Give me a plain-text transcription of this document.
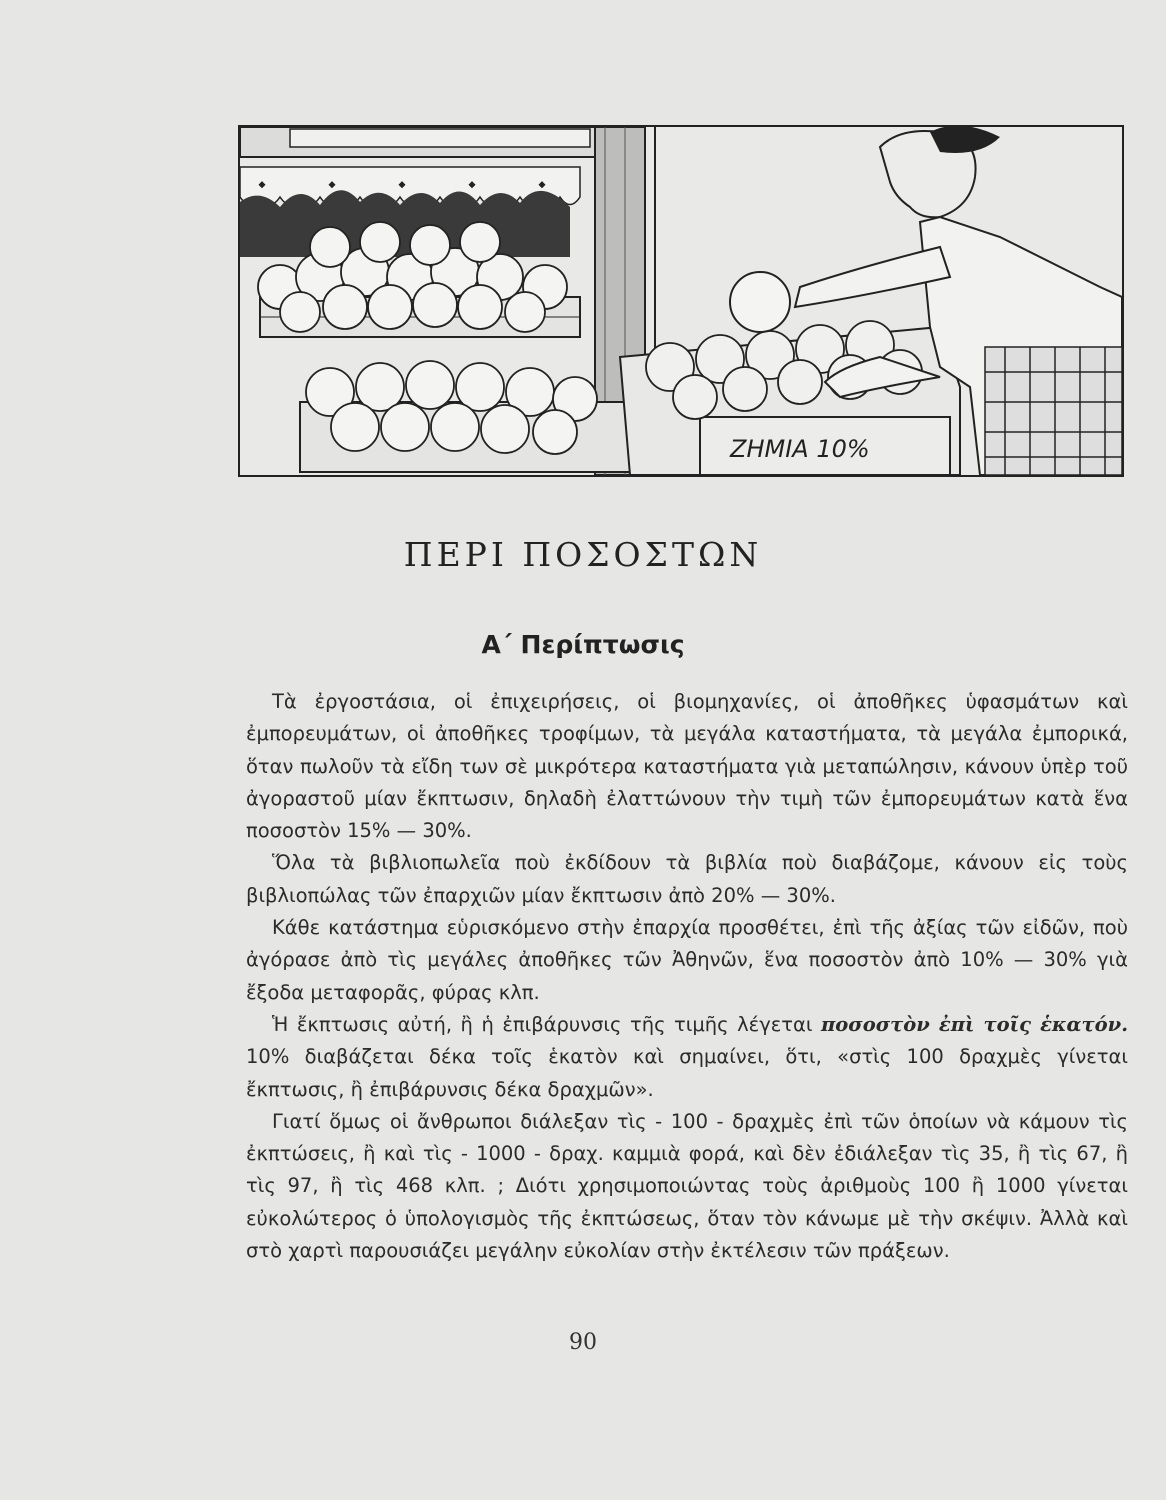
ΖΗΜΙΑ 10%
ΠΕΡΙ ΠΟΣΟΣΤΩΝ
Α΄ Περίπτωσις

Τὰ ἐργοστάσια, οἱ ἐπιχειρήσεις, οἱ βιομηχανίες, οἱ ἀποθῆκες ὑφασμάτων καὶ ἐμπορευμάτων, οἱ ἀποθῆκες τροφίμων, τὰ μεγάλα καταστήματα, τὰ μεγάλα ἐμπορικά, ὅταν πωλοῦν τὰ εἴδη των σὲ μικρότερα καταστήματα γιὰ μεταπώλησιν, κάνουν ὑπὲρ τοῦ ἀγοραστοῦ μίαν ἔκπτωσιν, δηλαδὴ ἐλαττώνουν τὴν τιμὴ τῶν ἐμπορευμάτων κατὰ ἕνα ποσοστὸν 15% — 30%.

Ὅλα τὰ βιβλιοπωλεῖα ποὺ ἐκδίδουν τὰ βιβλία ποὺ διαβάζομε, κάνουν εἰς τοὺς βιβλιοπώλας τῶν ἐπαρχιῶν μίαν ἔκπτωσιν ἀπὸ 20% — 30%.

Κάθε κατάστημα εὑρισκόμενο στὴν ἐπαρχία προσθέτει, ἐπὶ τῆς ἀξίας τῶν εἰδῶν, ποὺ ἀγόρασε ἀπὸ τὶς μεγάλες ἀποθῆκες τῶν Ἀθηνῶν, ἕνα ποσοστὸν ἀπὸ 10% — 30% γιὰ ἔξοδα μεταφορᾶς, φύρας κλπ.

Ἡ ἔκπτωσις αὐτή, ἢ ἡ ἐπιβάρυνσις τῆς τιμῆς λέγεται ποσοστὸν ἐπὶ τοῖς ἑκατόν. 10% διαβάζεται δέκα τοῖς ἑκατὸν καὶ σημαίνει, ὅτι, «στὶς 100 δραχμὲς γίνεται ἔκπτωσις, ἢ ἐπιβάρυνσις δέκα δραχμῶν».

Γιατί ὅμως οἱ ἄνθρωποι διάλεξαν τὶς - 100 - δραχμὲς ἐπὶ τῶν ὁποίων νὰ κάμουν τὶς ἐκπτώσεις, ἢ καὶ τὶς - 1000 - δραχ. καμμιὰ φορά, καὶ δὲν ἐδιάλεξαν τὶς 35, ἢ τὶς 67, ἢ τὶς 97, ἢ τὶς 468 κλπ. ; Διότι χρησιμοποιώντας τοὺς ἀριθμοὺς 100 ἢ 1000 γίνεται εὐκολώτερος ὁ ὑπολογισμὸς τῆς ἐκπτώσεως, ὅταν τὸν κάνωμε μὲ τὴν σκέψιν. Ἀλλὰ καὶ στὸ χαρτὶ παρουσιάζει μεγάλην εὐκολίαν στὴν ἐκτέλεσιν τῶν πράξεων.

90
